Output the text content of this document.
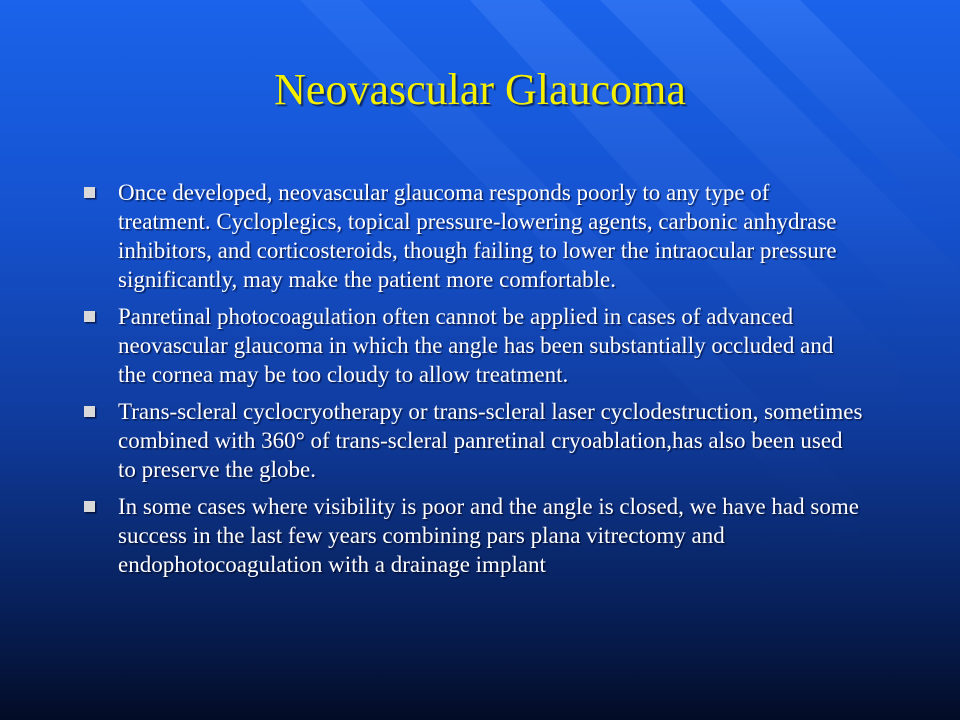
Neovascular Glaucoma
Once developed, neovascular glaucoma responds poorly to any type of treatment. Cycloplegics, topical pressure-lowering agents, carbonic anhydrase inhibitors, and corticosteroids, though failing to lower the intraocular pressure significantly, may make the patient more comfortable.
Panretinal photocoagulation often cannot be applied in cases of advanced neovascular glaucoma in which the angle has been substantially occluded and the cornea may be too cloudy to allow treatment.
Trans-scleral cyclocryotherapy or trans-scleral laser cyclodestruction, sometimes combined with 360° of trans-scleral panretinal cryoablation,has also been used to preserve the globe.
In some cases where visibility is poor and the angle is closed, we have had some success in the last few years combining pars plana vitrectomy and endophotocoagulation with a drainage implant
